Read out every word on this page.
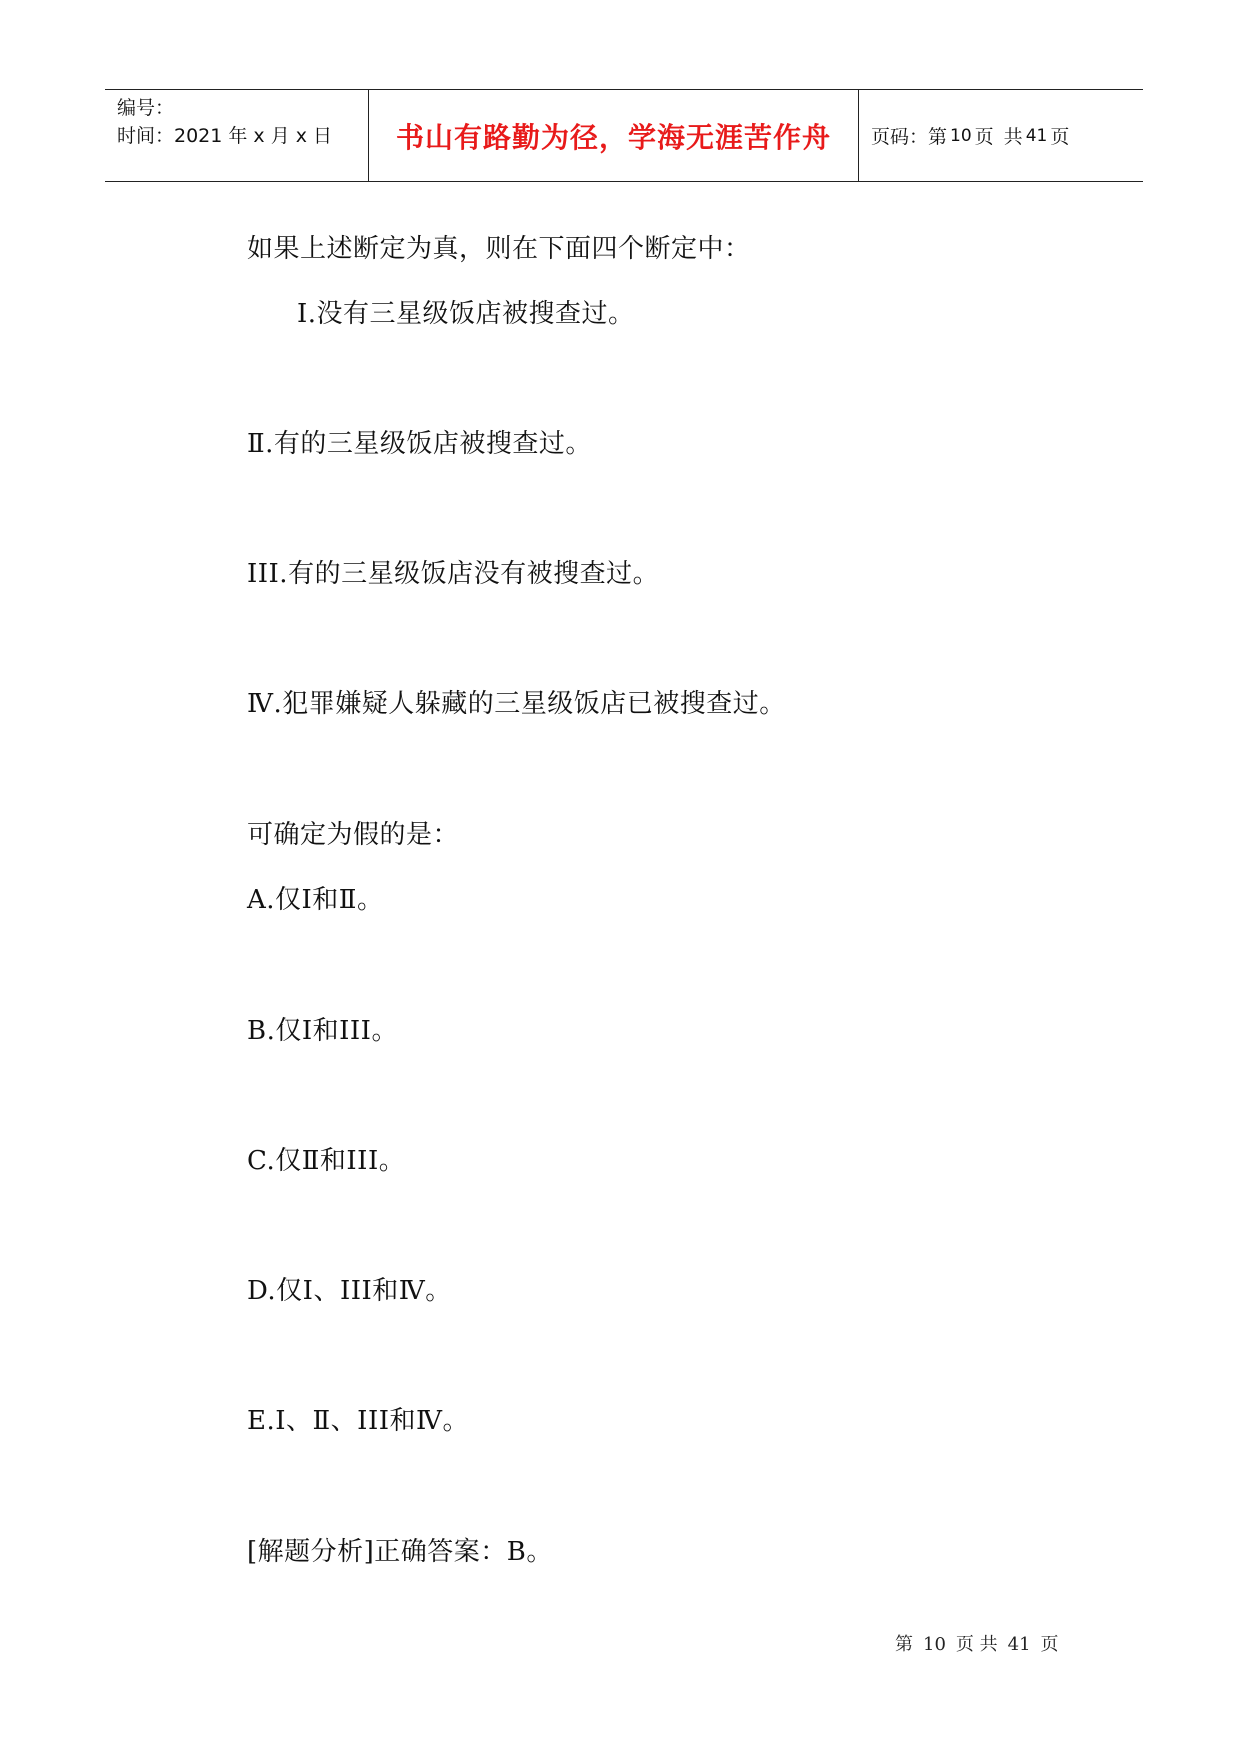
编号：
时间：2021 年 x 月 x 日	书山有路勤为径，学海无涯苦作舟 页码：第 10 页 共 41 页
如果上述断定为真，则在下面四个断定中：
Ⅰ.没有三星级饭店被搜查过。
Ⅱ.有的三星级饭店被搜查过。
III.有的三星级饭店没有被搜查过。
Ⅳ.犯罪嫌疑人躲藏的三星级饭店已被搜查过。
可确定为假的是：
A.仅Ⅰ和Ⅱ。
B.仅Ⅰ和III。
C.仅Ⅱ和III。
D.仅Ⅰ、III和Ⅳ。
E.Ⅰ、Ⅱ、III和Ⅳ。
[解题分析]正确答案：B。
第 10 页 共 41 页
